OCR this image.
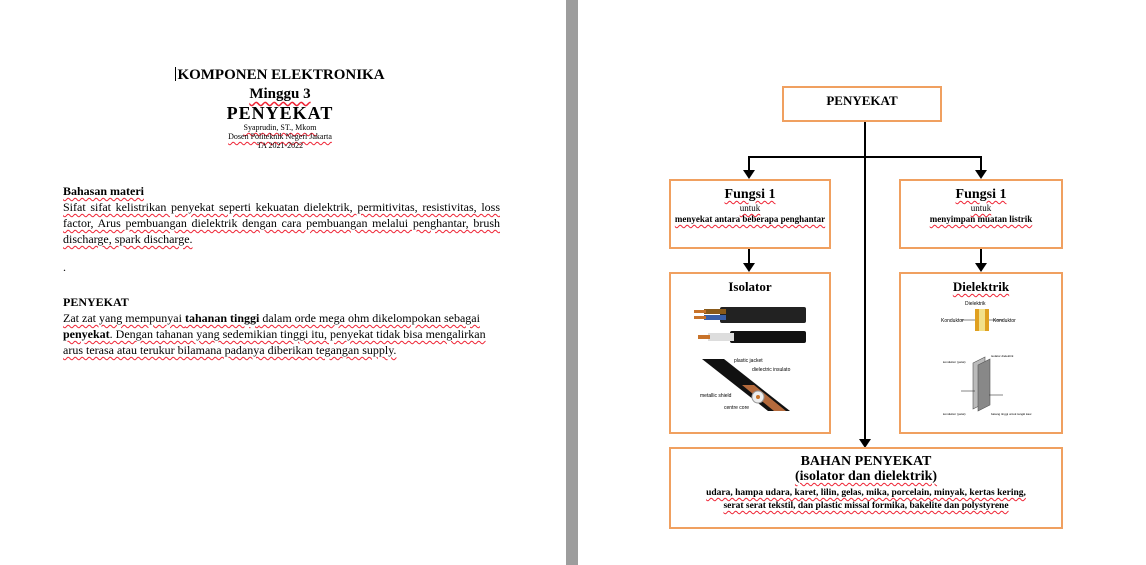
KOMPONEN ELEKTRONIKA
Minggu 3
PENYEKAT
Syaprudin, ST., Mkom
Dosen Politeknik Negeri Jakarta
TA 2021-2022
Bahasan materi
Sifat sifat kelistrikan penyekat seperti kekuatan dielektrik, permitivitas, resistivitas, loss factor, Arus pembuangan dielektrik dengan cara pembuangan melalui penghantar, brush discharge, spark discharge.
.
PENYEKAT
Zat zat yang mempunyai tahanan tinggi dalam orde mega ohm dikelompokan sebagai penyekat. Dengan tahanan yang sedemikian tinggi itu, penyekat tidak bisa mengalirkan arus terasa atau terukur bilamana padanya diberikan tegangan supply.
PENYEKAT
Fungsi 1
untuk
menyekat antara beberapa penghantar
Fungsi 1
untuk
menyimpan muatan listrik
Isolator
plastic jacket
dielectric insulato
metallic shield
centre core
Dielektrik
Dielektrik
Konduktor	Konduktor
konduktor (pelat)
isolator dielektrik
konduktor (pelat)	batang tinggi untuk tangki kaw
BAHAN PENYEKAT
(isolator dan dielektrik)
udara, hampa udara, karet, lilin, gelas, mika, porcelain, minyak, kertas kering,
serat serat tekstil, dan plastic missal formika, bakelite dan polystyrene
